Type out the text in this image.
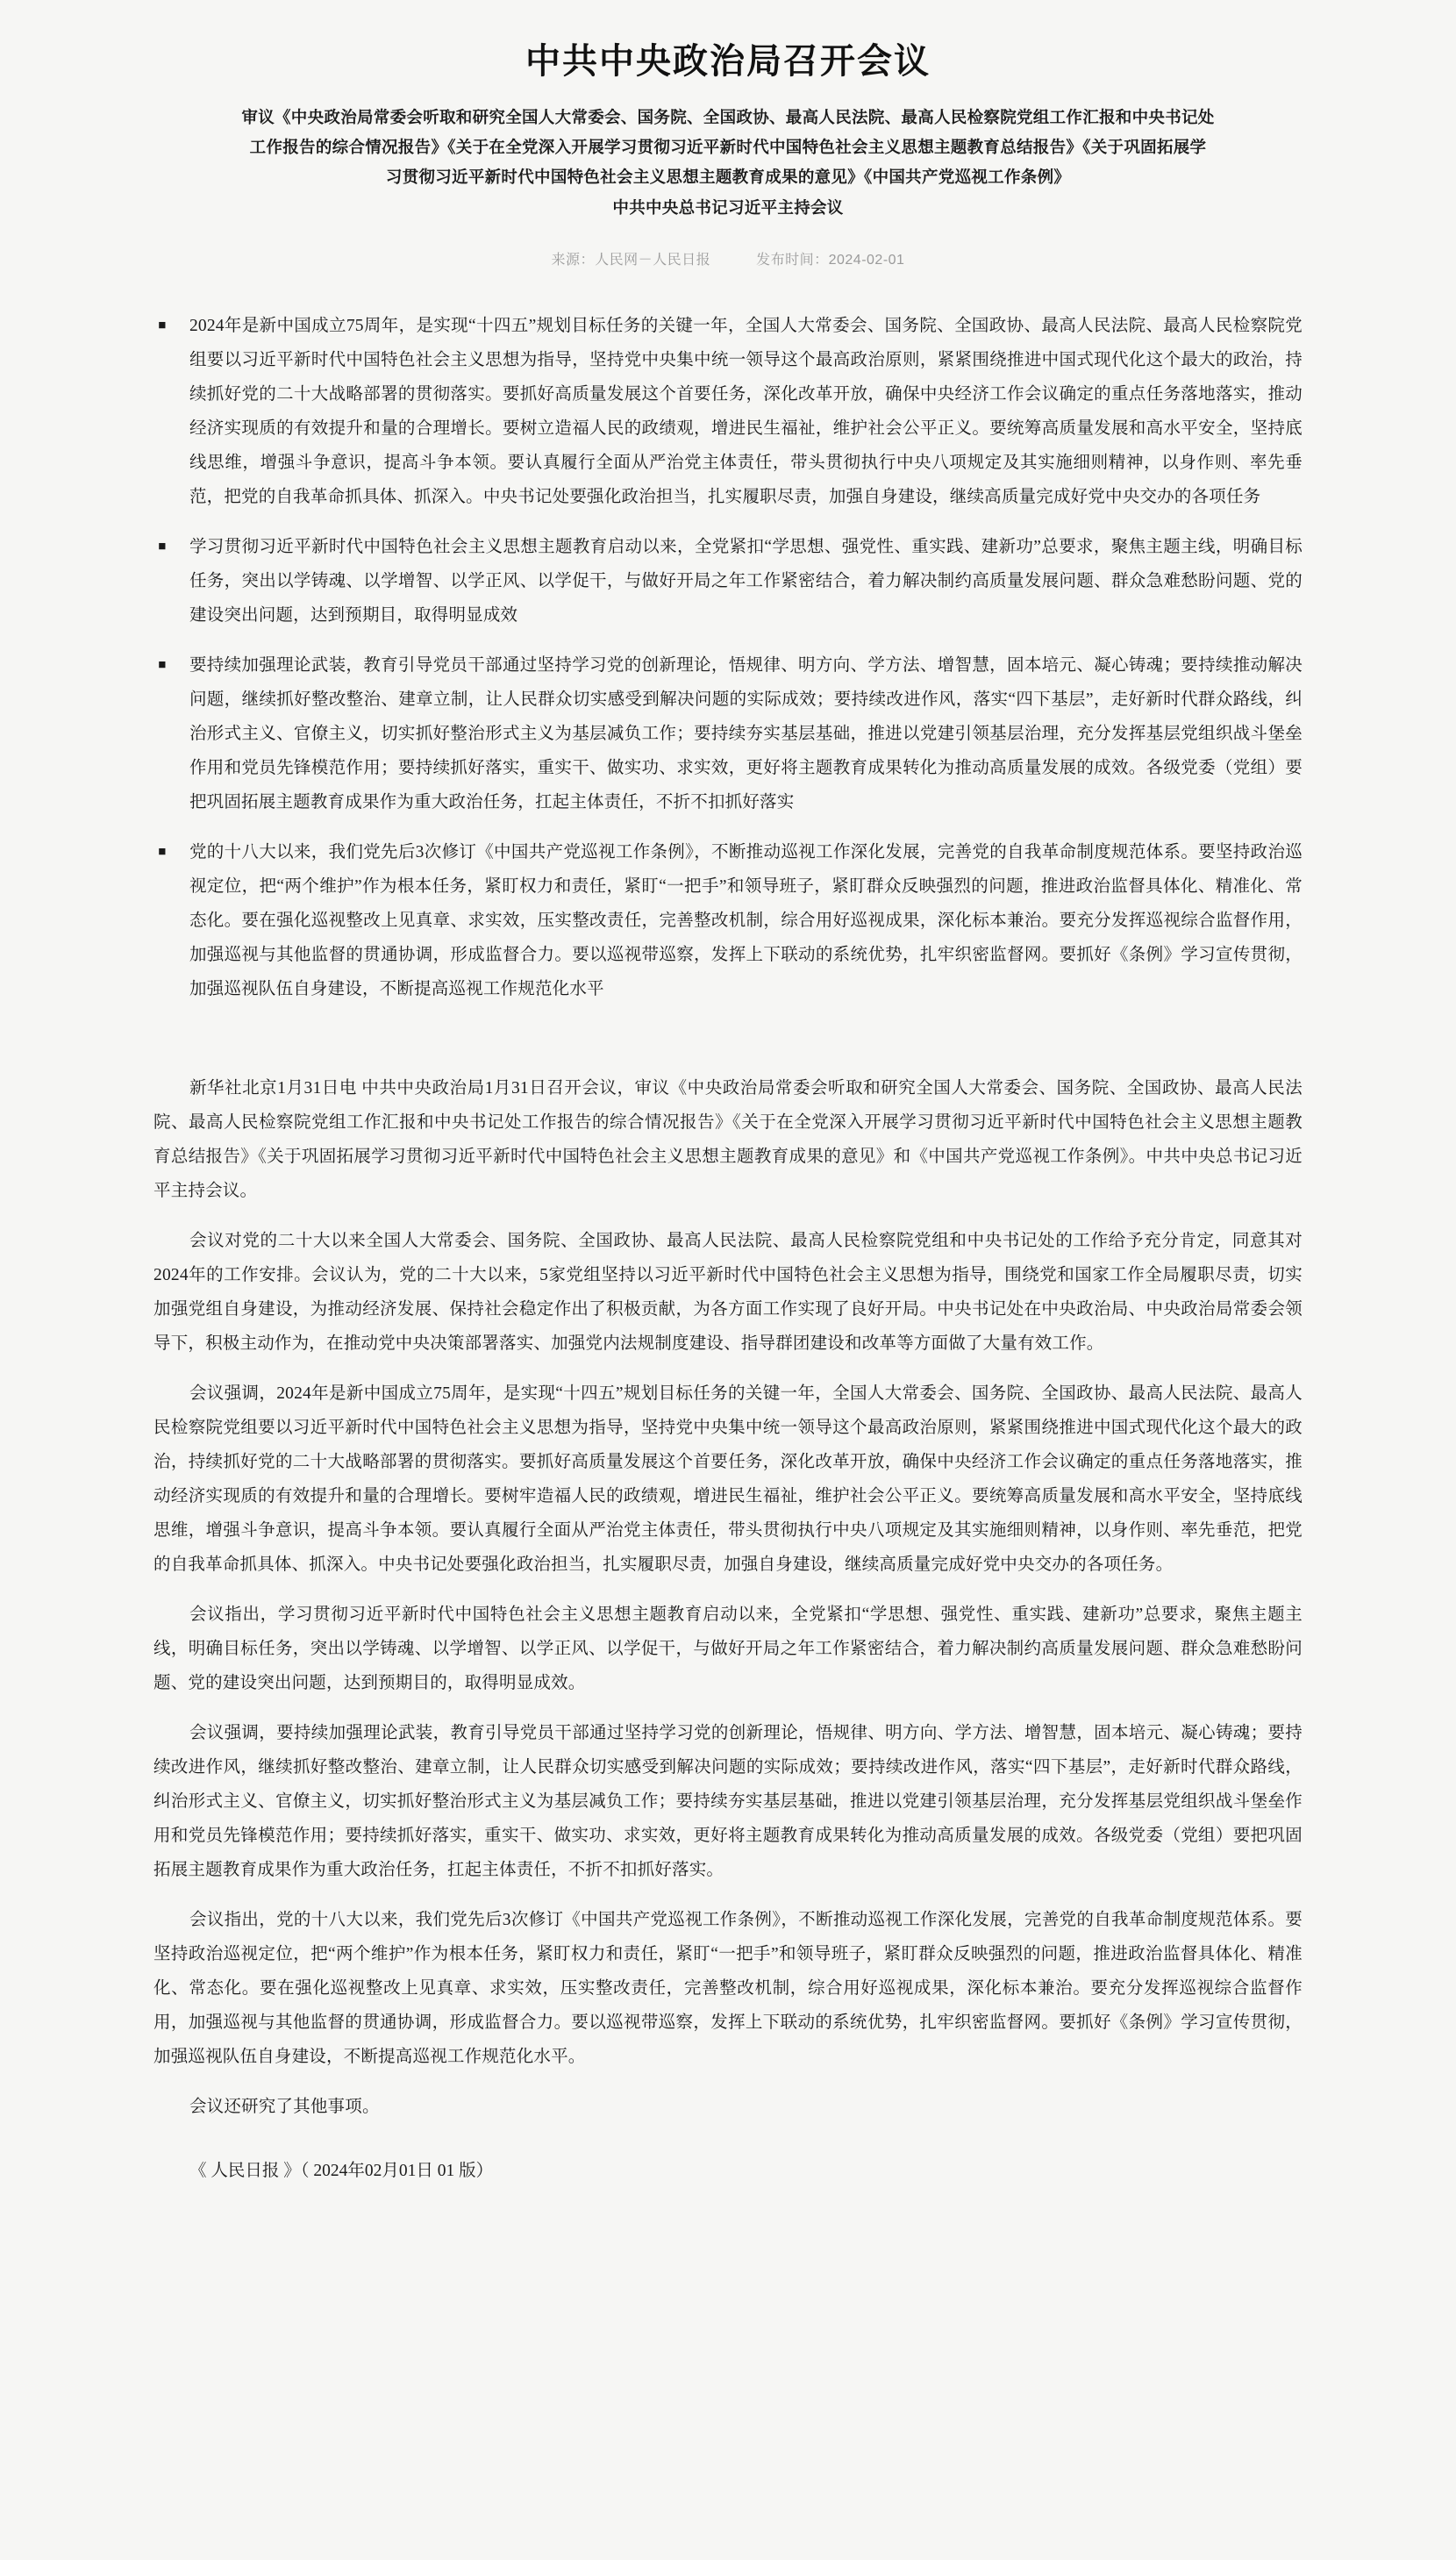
中共中央政治局召开会议
审议《中央政治局常委会听取和研究全国人大常委会、国务院、全国政协、最高人民法院、最高人民检察院党组工作汇报和中央书记处
工作报告的综合情况报告》《关于在全党深入开展学习贯彻习近平新时代中国特色社会主义思想主题教育总结报告》《关于巩固拓展学
习贯彻习近平新时代中国特色社会主义思想主题教育成果的意见》《中国共产党巡视工作条例》
中共中央总书记习近平主持会议
来源：人民网－人民日报	发布时间：2024-02-01

■ 2024年是新中国成立75周年，是实现“十四五”规划目标任务的关键一年，全国人大常委会、国务院、全国政协、最高人民法院、最高人民检察院党组要以习近平新时代中国特色社会主义思想为指导，坚持党中央集中统一领导这个最高政治原则，紧紧围绕推进中国式现代化这个最大的政治，持续抓好党的二十大战略部署的贯彻落实。要抓好高质量发展这个首要任务，深化改革开放，确保中央经济工作会议确定的重点任务落地落实，推动经济实现质的有效提升和量的合理增长。要树立造福人民的政绩观，增进民生福祉，维护社会公平正义。要统筹高质量发展和高水平安全，坚持底线思维，增强斗争意识，提高斗争本领。要认真履行全面从严治党主体责任，带头贯彻执行中央八项规定及其实施细则精神，以身作则、率先垂范，把党的自我革命抓具体、抓深入。中央书记处要强化政治担当，扎实履职尽责，加强自身建设，继续高质量完成好党中央交办的各项任务

■ 学习贯彻习近平新时代中国特色社会主义思想主题教育启动以来，全党紧扣“学思想、强党性、重实践、建新功”总要求，聚焦主题主线，明确目标任务，突出以学铸魂、以学增智、以学正风、以学促干，与做好开局之年工作紧密结合，着力解决制约高质量发展问题、群众急难愁盼问题、党的建设突出问题，达到预期目，取得明显成效

■ 要持续加强理论武装，教育引导党员干部通过坚持学习党的创新理论，悟规律、明方向、学方法、增智慧，固本培元、凝心铸魂；要持续推动解决问题，继续抓好整改整治、建章立制，让人民群众切实感受到解决问题的实际成效；要持续改进作风，落实“四下基层”，走好新时代群众路线，纠治形式主义、官僚主义，切实抓好整治形式主义为基层减负工作；要持续夯实基层基础，推进以党建引领基层治理，充分发挥基层党组织战斗堡垒作用和党员先锋模范作用；要持续抓好落实，重实干、做实功、求实效，更好将主题教育成果转化为推动高质量发展的成效。各级党委（党组）要把巩固拓展主题教育成果作为重大政治任务，扛起主体责任，不折不扣抓好落实

■ 党的十八大以来，我们党先后3次修订《中国共产党巡视工作条例》，不断推动巡视工作深化发展，完善党的自我革命制度规范体系。要坚持政治巡视定位，把“两个维护”作为根本任务，紧盯权力和责任，紧盯“一把手”和领导班子，紧盯群众反映强烈的问题，推进政治监督具体化、精准化、常态化。要在强化巡视整改上见真章、求实效，压实整改责任，完善整改机制，综合用好巡视成果，深化标本兼治。要充分发挥巡视综合监督作用，加强巡视与其他监督的贯通协调，形成监督合力。要以巡视带巡察，发挥上下联动的系统优势，扎牢织密监督网。要抓好《条例》学习宣传贯彻，加强巡视队伍自身建设，不断提高巡视工作规范化水平

新华社北京1月31日电 中共中央政治局1月31日召开会议，审议《中央政治局常委会听取和研究全国人大常委会、国务院、全国政协、最高人民法院、最高人民检察院党组工作汇报和中央书记处工作报告的综合情况报告》《关于在全党深入开展学习贯彻习近平新时代中国特色社会主义思想主题教育总结报告》《关于巩固拓展学习贯彻习近平新时代中国特色社会主义思想主题教育成果的意见》和《中国共产党巡视工作条例》。中共中央总书记习近平主持会议。

会议对党的二十大以来全国人大常委会、国务院、全国政协、最高人民法院、最高人民检察院党组和中央书记处的工作给予充分肯定，同意其对2024年的工作安排。会议认为，党的二十大以来，5家党组坚持以习近平新时代中国特色社会主义思想为指导，围绕党和国家工作全局履职尽责，切实加强党组自身建设，为推动经济发展、保持社会稳定作出了积极贡献，为各方面工作实现了良好开局。中央书记处在中央政治局、中央政治局常委会领导下，积极主动作为，在推动党中央决策部署落实、加强党内法规制度建设、指导群团建设和改革等方面做了大量有效工作。

会议强调，2024年是新中国成立75周年，是实现“十四五”规划目标任务的关键一年，全国人大常委会、国务院、全国政协、最高人民法院、最高人民检察院党组要以习近平新时代中国特色社会主义思想为指导，坚持党中央集中统一领导这个最高政治原则，紧紧围绕推进中国式现代化这个最大的政治，持续抓好党的二十大战略部署的贯彻落实。要抓好高质量发展这个首要任务，深化改革开放，确保中央经济工作会议确定的重点任务落地落实，推动经济实现质的有效提升和量的合理增长。要树牢造福人民的政绩观，增进民生福祉，维护社会公平正义。要统筹高质量发展和高水平安全，坚持底线思维，增强斗争意识，提高斗争本领。要认真履行全面从严治党主体责任，带头贯彻执行中央八项规定及其实施细则精神，以身作则、率先垂范，把党的自我革命抓具体、抓深入。中央书记处要强化政治担当，扎实履职尽责，加强自身建设，继续高质量完成好党中央交办的各项任务。

会议指出，学习贯彻习近平新时代中国特色社会主义思想主题教育启动以来，全党紧扣“学思想、强党性、重实践、建新功”总要求，聚焦主题主线，明确目标任务，突出以学铸魂、以学增智、以学正风、以学促干，与做好开局之年工作紧密结合，着力解决制约高质量发展问题、群众急难愁盼问题、党的建设突出问题，达到预期目的，取得明显成效。

会议强调，要持续加强理论武装，教育引导党员干部通过坚持学习党的创新理论，悟规律、明方向、学方法、增智慧，固本培元、凝心铸魂；要持续改进作风，继续抓好整改整治、建章立制，让人民群众切实感受到解决问题的实际成效；要持续改进作风，落实“四下基层”，走好新时代群众路线，纠治形式主义、官僚主义，切实抓好整治形式主义为基层减负工作；要持续夯实基层基础，推进以党建引领基层治理，充分发挥基层党组织战斗堡垒作用和党员先锋模范作用；要持续抓好落实，重实干、做实功、求实效，更好将主题教育成果转化为推动高质量发展的成效。各级党委（党组）要把巩固拓展主题教育成果作为重大政治任务，扛起主体责任，不折不扣抓好落实。

会议指出，党的十八大以来，我们党先后3次修订《中国共产党巡视工作条例》，不断推动巡视工作深化发展，完善党的自我革命制度规范体系。要坚持政治巡视定位，把“两个维护”作为根本任务，紧盯权力和责任，紧盯“一把手”和领导班子，紧盯群众反映强烈的问题，推进政治监督具体化、精准化、常态化。要在强化巡视整改上见真章、求实效，压实整改责任，完善整改机制，综合用好巡视成果，深化标本兼治。要充分发挥巡视综合监督作用，加强巡视与其他监督的贯通协调，形成监督合力。要以巡视带巡察，发挥上下联动的系统优势，扎牢织密监督网。要抓好《条例》学习宣传贯彻，加强巡视队伍自身建设，不断提高巡视工作规范化水平。

会议还研究了其他事项。

《 人民日报 》（ 2024年02月01日 01 版）
